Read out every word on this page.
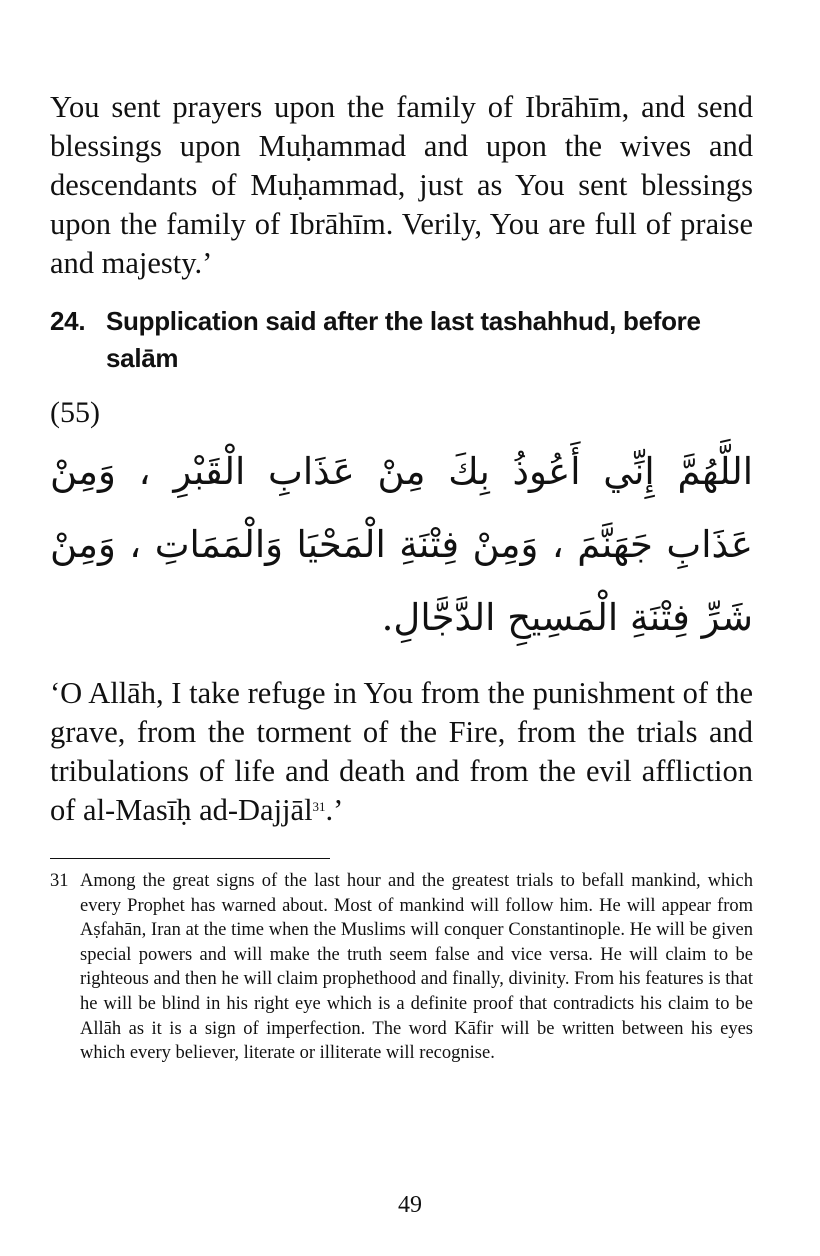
You sent prayers upon the family of Ibrāhīm, and send blessings upon Muḥammad and upon the wives and descendants of Muḥammad, just as You sent blessings upon the family of Ibrāhīm. Verily, You are full of praise and majesty.’

24. Supplication said after the last tashahhud, before salām
(55)

اللَّهُمَّ إِنِّي أَعُوذُ بِكَ مِنْ عَذَابِ الْقَبْرِ ، وَمِنْ عَذَابِ جَهَنَّمَ ، وَمِنْ فِتْنَةِ الْمَحْيَا وَالْمَمَاتِ ، وَمِنْ شَرِّ فِتْنَةِ الْمَسِيحِ الدَّجَّالِ.

‘O Allāh, I take refuge in You from the punishment of the grave, from the torment of the Fire, from the trials and tribulations of life and death and from the evil affliction of al-Masīḥ ad-Dajjāl$^{31}$.’

31 Among the great signs of the last hour and the greatest trials to befall mankind, which every Prophet has warned about. Most of mankind will follow him. He will appear from Aṣfahān, Iran at the time when the Muslims will conquer Constantinople. He will be given special powers and will make the truth seem false and vice versa. He will claim to be righteous and then he will claim prophethood and finally, divinity. From his features is that he will be blind in his right eye which is a definite proof that contradicts his claim to be Allāh as it is a sign of imperfection. The word Kāfir will be written between his eyes which every believer, literate or illiterate will recognise.
49
